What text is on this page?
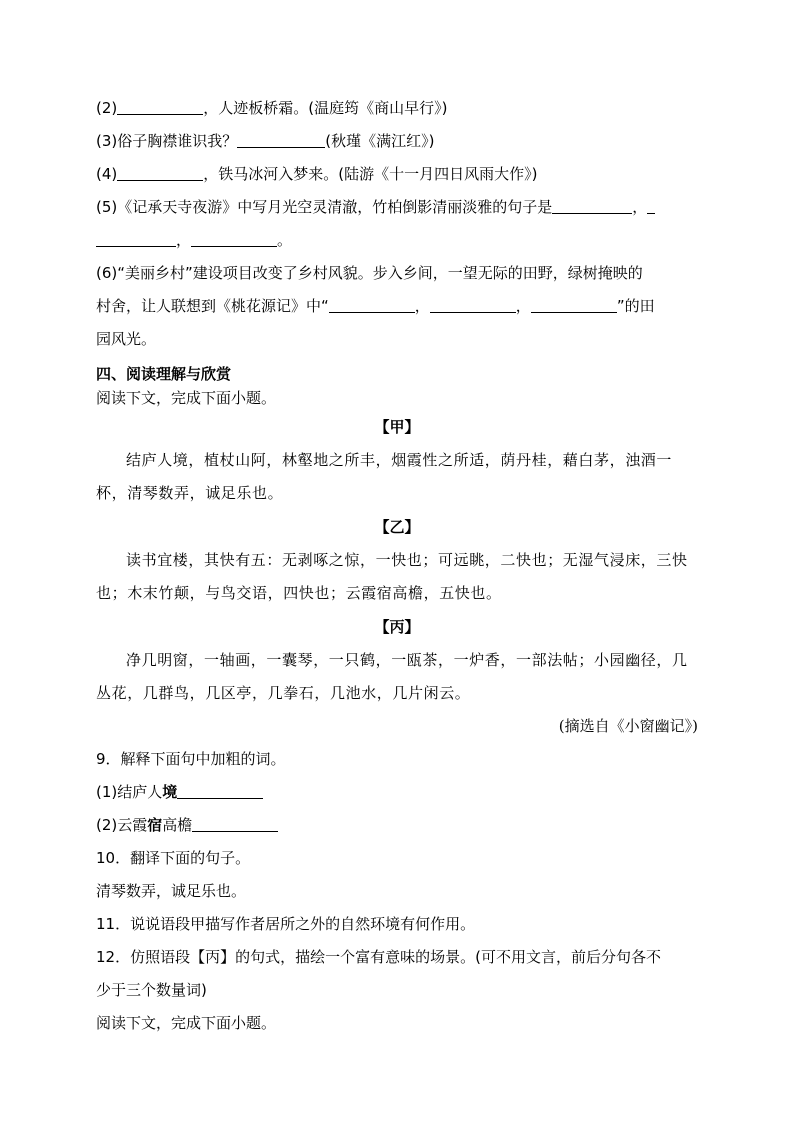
(2)	，人迹板桥霜。(温庭筠《商山早行》)
(3)俗子胸襟谁识我？	(秋瑾《满江红》)
(4)	，铁马冰河入梦来。(陆游《十一月四日风雨大作》)
(5)《记承天寺夜游》中写月光空灵清澈，竹柏倒影清丽淡雅的句子是	，
，	。
(6)“美丽乡村”建设项目改变了乡村风貌。步入乡间，一望无际的田野，绿树掩映的
村舍，让人联想到《桃花源记》中“	，	，	”的田
园风光。
四、阅读理解与欣赏
阅读下文，完成下面小题。
【甲】
结庐人境，植杖山阿，林壑地之所丰，烟霞性之所适，荫丹桂，藉白茅，浊酒一杯，清琴数弄，诚足乐也。
【乙】
读书宜楼，其快有五：无剥啄之惊，一快也；可远眺，二快也；无湿气浸床，三快也；木末竹颠，与鸟交语，四快也；云霞宿高檐，五快也。
【丙】
净几明窗，一轴画，一囊琴，一只鹤，一瓯茶，一炉香，一部法帖；小园幽径，几丛花，几群鸟，几区亭，几拳石，几池水，几片闲云。
(摘选自《小窗幽记》)
9．解释下面句中加粗的词。
(1)结庐人境
(2)云霞宿高檐
10．翻译下面的句子。
清琴数弄，诚足乐也。
11．说说语段甲描写作者居所之外的自然环境有何作用。
12．仿照语段【丙】的句式，描绘一个富有意味的场景。(可不用文言，前后分句各不
少于三个数量词)
阅读下文，完成下面小题。
